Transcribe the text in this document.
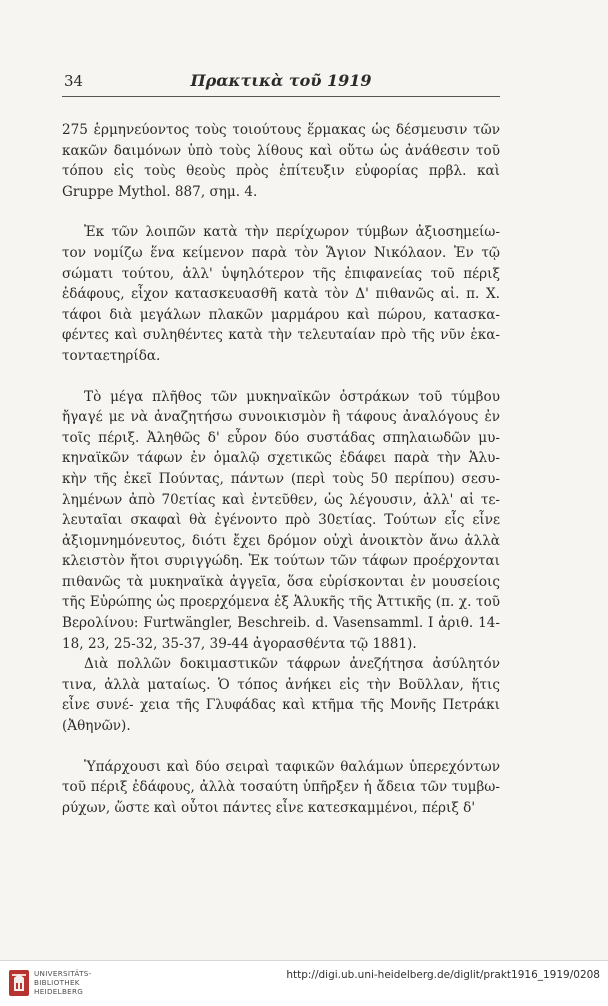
34	Πρακτικὰ τοῦ 1919

275 ἑρμηνεύοντος τοὺς τοιούτους ἕρμακας ὡς δέσμευσιν τῶν κακῶν δαιμόνων ὑπὸ τοὺς λίθους καὶ οὕτω ὡς ἀνάθεσιν τοῦ τόπου εἰς τοὺς θεοὺς πρὸς ἐπίτευξιν εὐφορίας πρβλ. καὶ Gruppe Mythol. 887, σημ. 4.

Ἐκ τῶν λοιπῶν κατὰ τὴν περίχωρον τύμβων ἀξιοσημείω- τον νομίζω ἕνα κείμενον παρὰ τὸν Ἅγιον Νικόλαον. Ἐν τῷ σώματι τούτου, ἀλλ' ὑψηλότερον τῆς ἐπιφανείας τοῦ πέριξ ἐδάφους, εἶχον κατασκευασθῆ κατὰ τὸν Δ' πιθανῶς αἰ. π. Χ. τάφοι διὰ μεγάλων πλακῶν μαρμάρου καὶ πώρου, κατασκα- φέντες καὶ συληθέντες κατὰ τὴν τελευταίαν πρὸ τῆς νῦν ἑκα- τονταετηρίδα.

Τὸ μέγα πλῆθος τῶν μυκηναϊκῶν ὀστράκων τοῦ τύμβου ἤγαγέ με νὰ ἀναζητήσω συνοικισμὸν ἢ τάφους ἀναλόγους ἐν τοῖς πέριξ. Ἀληθῶς δ' εὗρον δύο συστάδας σπηλαιωδῶν μυ- κηναϊκῶν τάφων ἐν ὁμαλῷ σχετικῶς ἐδάφει παρὰ τὴν Ἁλυ- κὴν τῆς ἐκεῖ Πούντας, πάντων (περὶ τοὺς 50 περίπου) σεσυ- λημένων ἀπὸ 70ετίας καὶ ἐντεῦθεν, ὡς λέγουσιν, ἀλλ' αἱ τε- λευταῖαι σκαφαὶ θὰ ἐγένοντο πρὸ 30ετίας. Τούτων εἷς εἶνε ἀξιομνημόνευτος, διότι ἔχει δρόμον οὐχὶ ἀνοικτὸν ἄνω ἀλλὰ κλειστὸν ἤτοι συριγγώδη. Ἐκ τούτων τῶν τάφων προέρχονται πιθανῶς τὰ μυκηναϊκὰ ἀγγεῖα, ὅσα εὑρίσκονται ἐν μουσείοις τῆς Εὐρώπης ὡς προερχόμενα ἐξ Ἁλυκῆς τῆς Ἀττικῆς (π. χ. τοῦ Βερολίνου: Furtwängler, Beschreib. d. Vasensamml. I ἀριθ. 14-18, 23, 25-32, 35-37, 39-44 ἀγορασθέντα τῷ 1881).

Διὰ πολλῶν δοκιμαστικῶν τάφρων ἀνεζήτησα ἀσύλητόν τινα, ἀλλὰ ματαίως. Ὁ τόπος ἀνήκει εἰς τὴν Βοῦλλαν, ἥτις εἶνε συνέ- χεια τῆς Γλυφάδας καὶ κτῆμα τῆς Μονῆς Πετράκι (Ἀθηνῶν).

Ὑπάρχουσι καὶ δύο σειραὶ ταφικῶν θαλάμων ὑπερεχόντων τοῦ πέριξ ἐδάφους, ἀλλὰ τοσαύτη ὑπῆρξεν ἡ ἄδεια τῶν τυμβω- ρύχων, ὥστε καὶ οὗτοι πάντες εἶνε κατεσκαμμένοι, πέριξ δ'

UNIVERSITÄTS-
BIBLIOTHEK
HEIDELBERG
http://digi.ub.uni-heidelberg.de/diglit/prakt1916_1919/0208
